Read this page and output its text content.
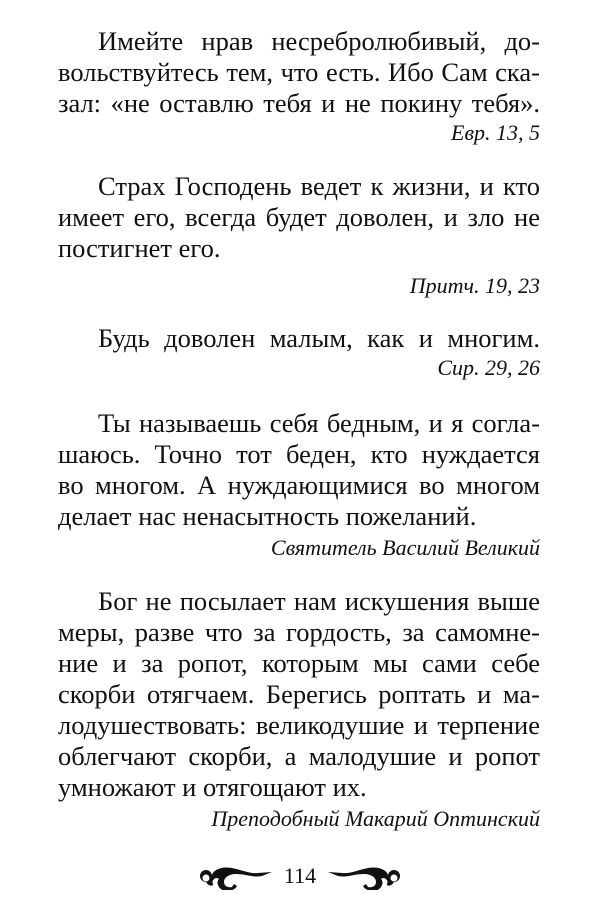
Имейте нрав несребролюбивый, до-
вольствуйтесь тем, что есть. Ибо Сам ска-
зал: «не оставлю тебя и не покину тебя».
Евр. 13, 5
Страх Господень ведет к жизни, и кто
имеет его, всегда будет доволен, и зло не
постигнет его.
Притч. 19, 23
Будь доволен малым, как и многим.
Сир. 29, 26
Ты называешь себя бедным, и я согла-
шаюсь. Точно тот беден, кто нуждается
во многом. А нуждающимися во многом
делает нас ненасытность пожеланий.
Святитель Василий Великий
Бог не посылает нам искушения выше
меры, разве что за гордость, за самомне-
ние и за ропот, которым мы сами себе
скорби отягчаем. Берегись роптать и ма-
лодушествовать: великодушие и терпение
облегчают скорби, а малодушие и ропот
умножают и отягощают их.
Преподобный Макарий Оптинский
114
